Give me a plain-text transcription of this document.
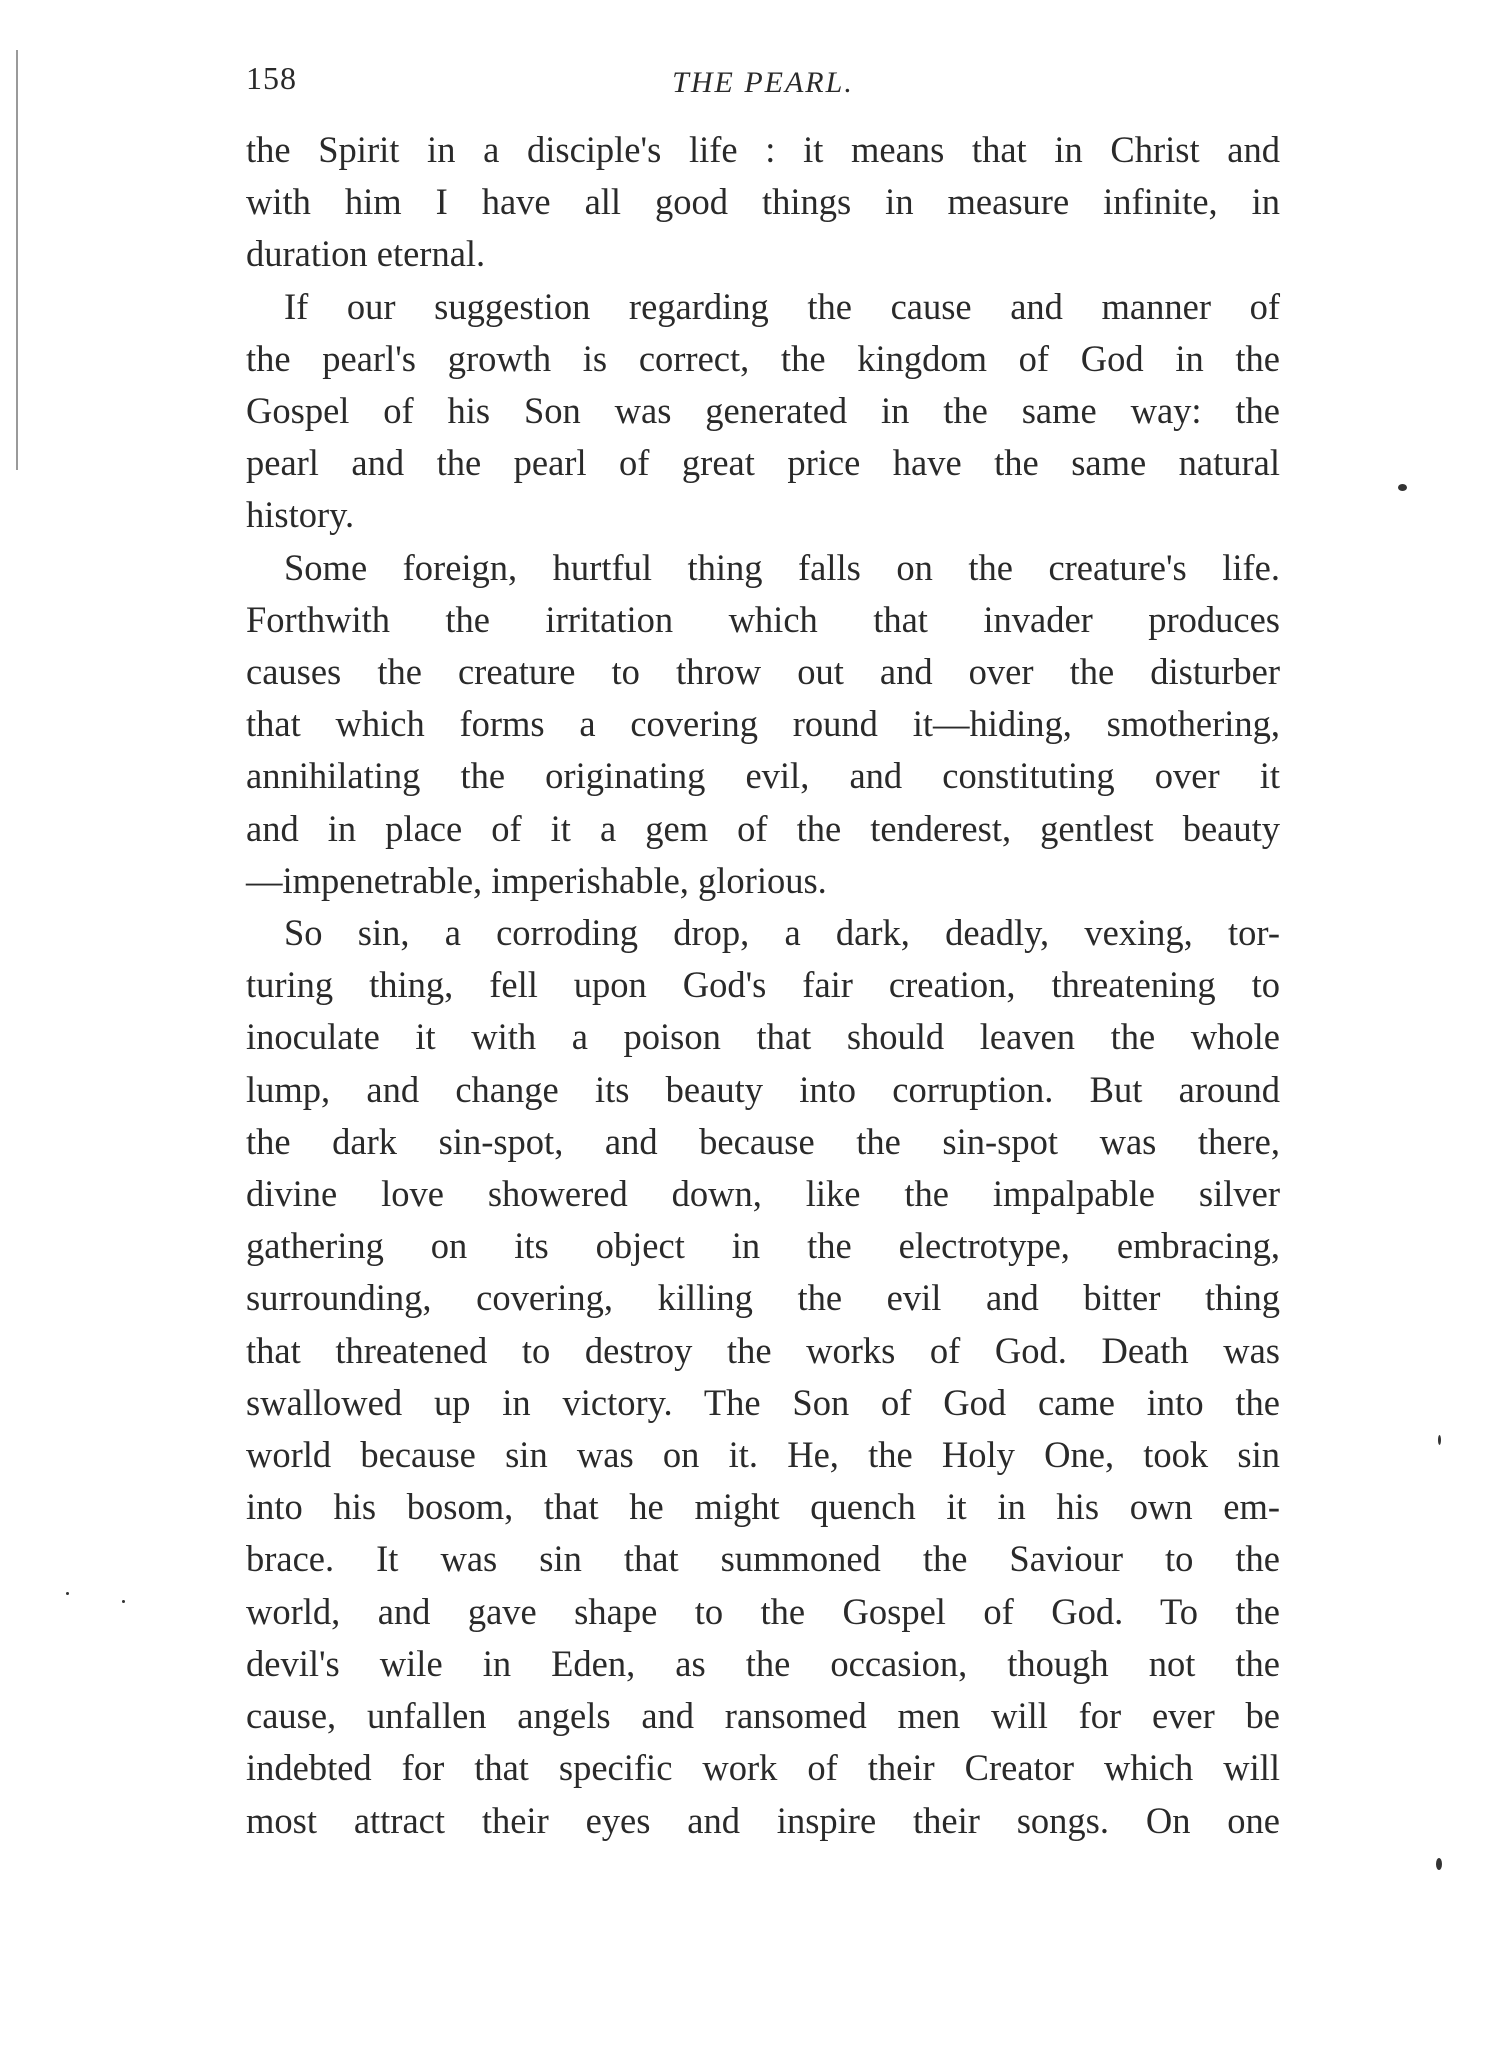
158	THE PEARL.
the Spirit in a disciple's life : it means that in Christ and
with him I have all good things in measure infinite, in
duration eternal.
If our suggestion regarding the cause and manner of
the pearl's growth is correct, the kingdom of God in the
Gospel of his Son was generated in the same way: the
pearl and the pearl of great price have the same natural
history.
Some foreign, hurtful thing falls on the creature's life.
Forthwith the irritation which that invader produces
causes the creature to throw out and over the disturber
that which forms a covering round it—hiding, smothering,
annihilating the originating evil, and constituting over it
and in place of it a gem of the tenderest, gentlest beauty
—impenetrable, imperishable, glorious.
So sin, a corroding drop, a dark, deadly, vexing, tor-
turing thing, fell upon God's fair creation, threatening to
inoculate it with a poison that should leaven the whole
lump, and change its beauty into corruption. But around
the dark sin-spot, and because the sin-spot was there,
divine love showered down, like the impalpable silver
gathering on its object in the electrotype, embracing,
surrounding, covering, killing the evil and bitter thing
that threatened to destroy the works of God. Death was
swallowed up in victory. The Son of God came into the
world because sin was on it. He, the Holy One, took sin
into his bosom, that he might quench it in his own em-
brace. It was sin that summoned the Saviour to the
world, and gave shape to the Gospel of God. To the
devil's wile in Eden, as the occasion, though not the
cause, unfallen angels and ransomed men will for ever be
indebted for that specific work of their Creator which will
most attract their eyes and inspire their songs. On one
